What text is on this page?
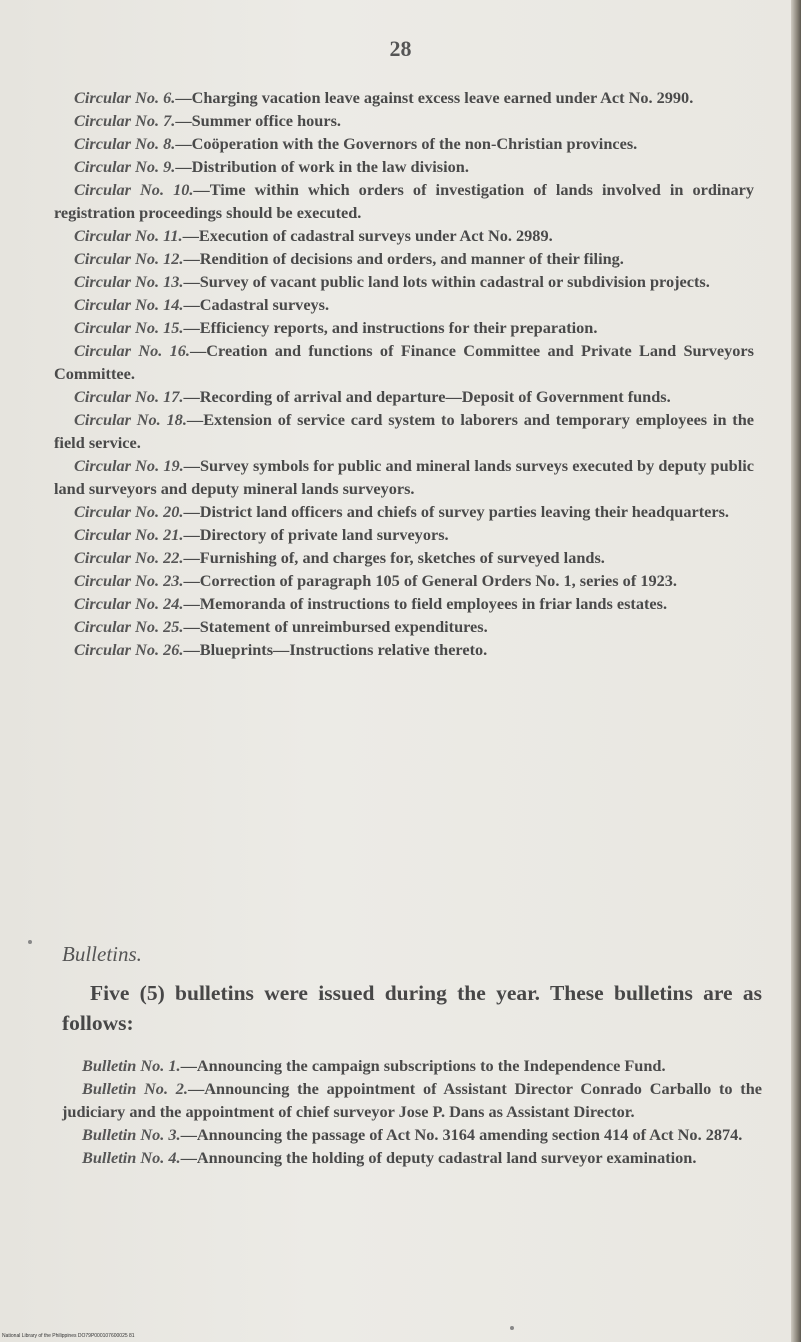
28

Circular No. 6.—Charging vacation leave against excess leave earned under Act No. 2990.

Circular No. 7.—Summer office hours.

Circular No. 8.—Coöperation with the Governors of the non-Christian provinces.

Circular No. 9.—Distribution of work in the law division.

Circular No. 10.—Time within which orders of investigation of lands involved in ordinary registration proceedings should be executed.

Circular No. 11.—Execution of cadastral surveys under Act No. 2989.

Circular No. 12.—Rendition of decisions and orders, and manner of their filing.

Circular No. 13.—Survey of vacant public land lots within cadastral or subdivision projects.

Circular No. 14.—Cadastral surveys.

Circular No. 15.—Efficiency reports, and instructions for their preparation.

Circular No. 16.—Creation and functions of Finance Committee and Private Land Surveyors Committee.

Circular No. 17.—Recording of arrival and departure—Deposit of Government funds.

Circular No. 18.—Extension of service card system to laborers and temporary employees in the field service.

Circular No. 19.—Survey symbols for public and mineral lands surveys executed by deputy public land surveyors and deputy mineral lands surveyors.

Circular No. 20.—District land officers and chiefs of survey parties leaving their headquarters.

Circular No. 21.—Directory of private land surveyors.

Circular No. 22.—Furnishing of, and charges for, sketches of surveyed lands.

Circular No. 23.—Correction of paragraph 105 of General Orders No. 1, series of 1923.

Circular No. 24.—Memoranda of instructions to field employees in friar lands estates.

Circular No. 25.—Statement of unreimbursed expenditures.

Circular No. 26.—Blueprints—Instructions relative thereto.

Bulletins.

Five (5) bulletins were issued during the year. These bulletins are as follows:

Bulletin No. 1.—Announcing the campaign subscriptions to the Independence Fund.

Bulletin No. 2.—Announcing the appointment of Assistant Director Conrado Carballo to the judiciary and the appointment of chief surveyor Jose P. Dans as Assistant Director.

Bulletin No. 3.—Announcing the passage of Act No. 3164 amending section 414 of Act No. 2874.

Bulletin No. 4.—Announcing the holding of deputy cadastral land surveyor examination.

National Library of the Philippines DO79P000107600025 81
